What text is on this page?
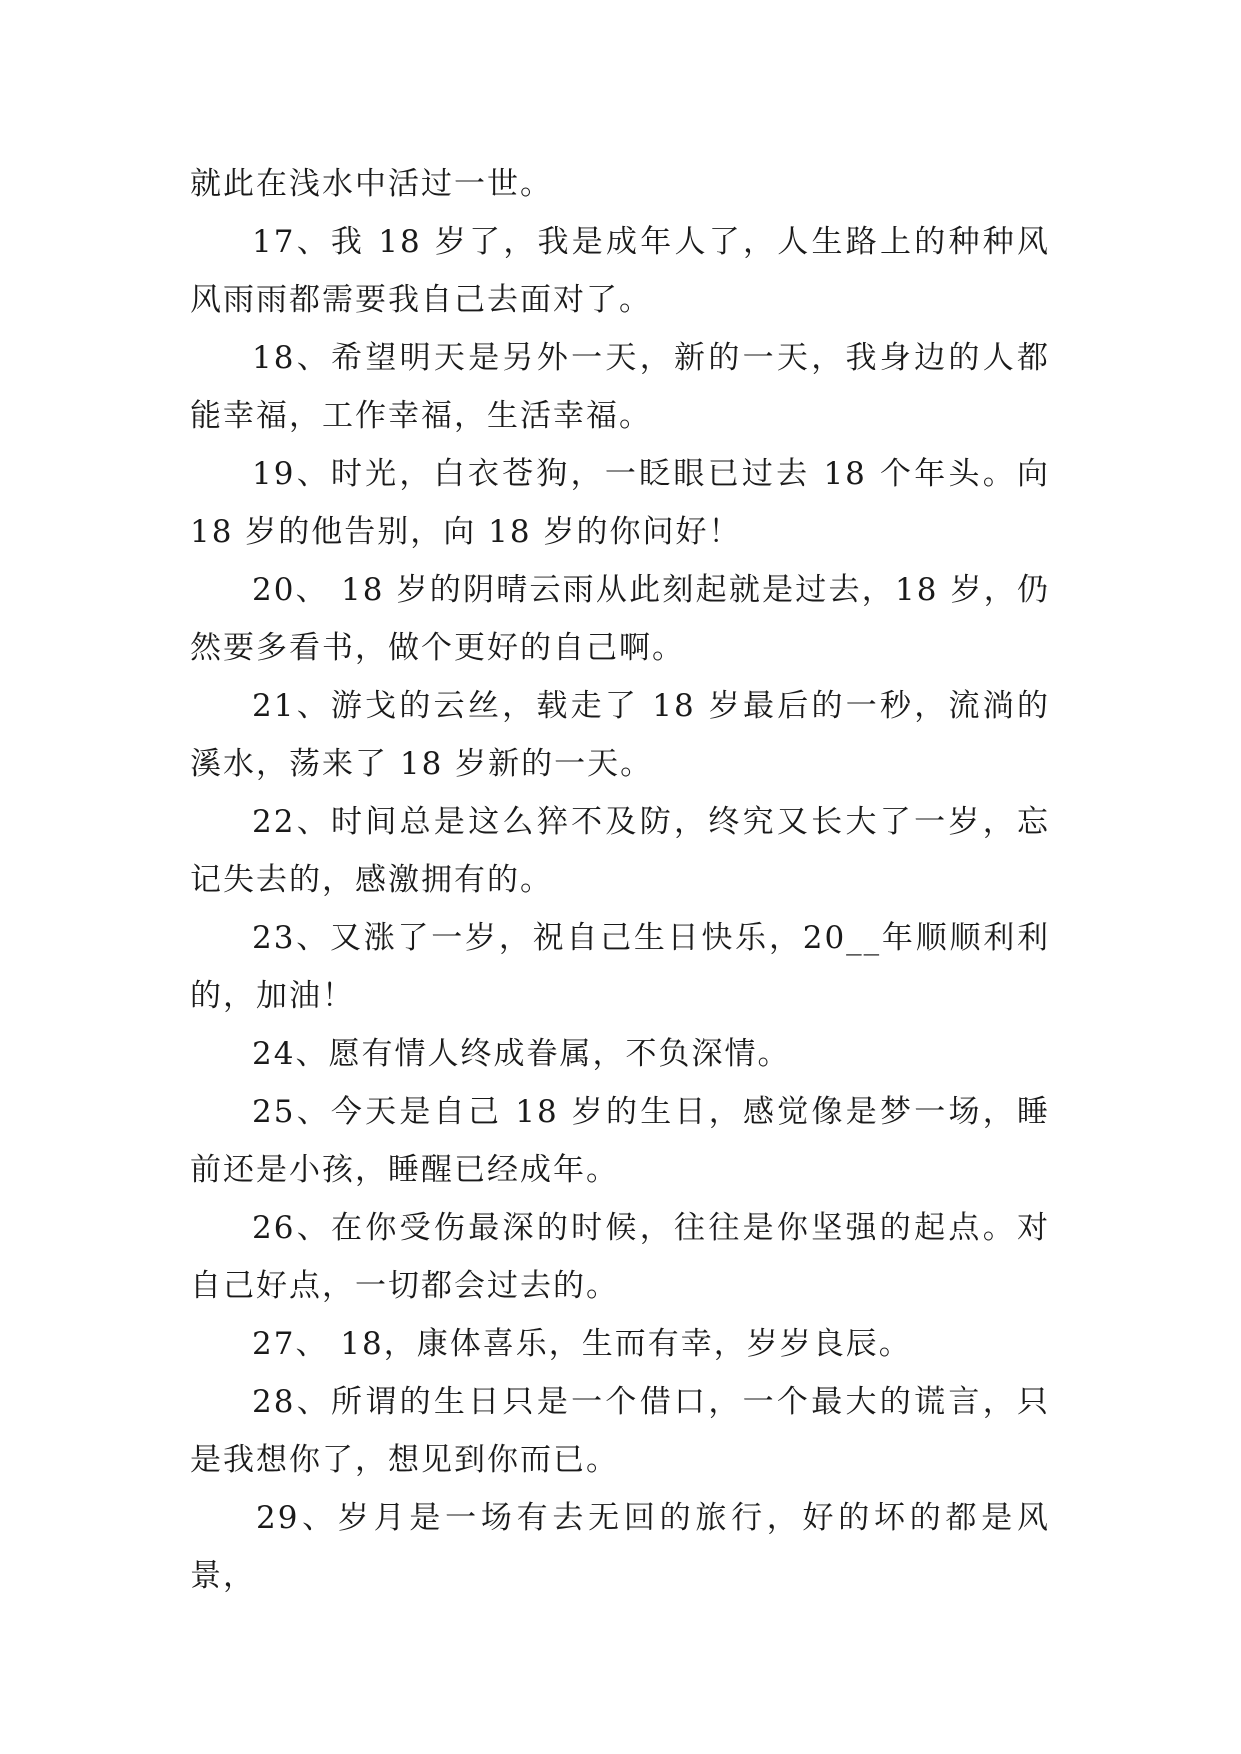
就此在浅水中活过一世。

17、我 18 岁了，我是成年人了，人生路上的种种风风雨雨都需要我自己去面对了。

18、希望明天是另外一天，新的一天，我身边的人都能幸福，工作幸福，生活幸福。

19、时光，白衣苍狗，一眨眼已过去 18 个年头。向 18 岁的他告别，向 18 岁的你问好！

20、 18 岁的阴晴云雨从此刻起就是过去，18 岁，仍然要多看书，做个更好的自己啊。

21、游戈的云丝，载走了 18 岁最后的一秒，流淌的溪水，荡来了 18 岁新的一天。

22、时间总是这么猝不及防，终究又长大了一岁，忘记失去的，感激拥有的。

23、又涨了一岁，祝自己生日快乐，20__年顺顺利利的，加油！

24、愿有情人终成眷属，不负深情。

25、今天是自己 18 岁的生日，感觉像是梦一场，睡前还是小孩，睡醒已经成年。

26、在你受伤最深的时候，往往是你坚强的起点。对自己好点，一切都会过去的。

27、 18，康体喜乐，生而有幸，岁岁良辰。

28、所谓的生日只是一个借口，一个最大的谎言，只是我想你了，想见到你而已。

29、岁月是一场有去无回的旅行，好的坏的都是风景，
